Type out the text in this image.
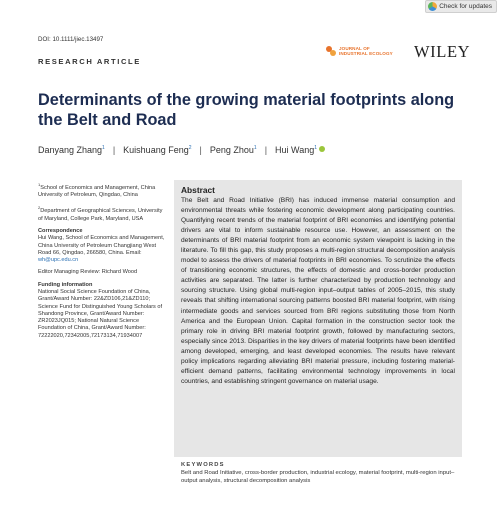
Check for updates
DOI: 10.1111/jiec.13497
JOURNAL OF
INDUSTRIAL ECOLOGY WILEY
RESEARCH ARTICLE
Determinants of the growing material footprints along the Belt and Road
Danyang Zhang$^1$ | Kuishuang Feng$^2$ | Peng Zhou$^1$ | Hui Wang$^1$

$^1$School of Economics and Management, China University of Petroleum, Qingdao, China

$^2$Department of Geographical Sciences, University of Maryland, College Park, Maryland, USA

Correspondence

Hui Wang, School of Economics and Management, China University of Petroleum Changjiang West Road 66, Qingdao, 266580, China. Email: wh@upc.edu.cn

Editor Managing Review: Richard Wood

Funding information

National Social Science Foundation of China, Grant/Award Number: 22&ZD106,21&ZD110; Science Fund for Distinguished Young Scholars of Shandong Province, Grant/Award Number: ZR2023JQ015; National Natural Science Foundation of China, Grant/Award Number: 72222020,72342005,72173134,71934007

Abstract
The Belt and Road Initiative (BRI) has induced immense material consumption and environmental threats while fostering economic development along participating countries. Quantifying recent trends of the material footprint of BRI economies and identifying potential drivers are vital to inform sustainable resource use. However, an assessment on the determinants of BRI material footprint from an economic system viewpoint is lacking in the literature. To fill this gap, this study proposes a multi-region structural decomposition analysis model to assess the drivers of material footprints in BRI economies. To scrutinize the effects of transitioning economic structures, the effects of domestic and cross-border production activities are separated. The latter is further characterized by production technology and sourcing structure. Using global multi-region input–output tables of 2005–2015, this study reveals that shifting international sourcing patterns boosted BRI material footprint, with rising intermediate goods and services sourced from BRI regions substituting those from North America and the European Union. Capital formation in the construction sector took the primary role in driving BRI material footprint growth, followed by manufacturing sectors, especially since 2013. Disparities in the key drivers of material footprints have been identified among developed, emerging, and least developed economies. The results have relevant policy implications regarding alleviating BRI material pressure, including fostering material-efficient demand patterns, facilitating environmental technology improvements in local countries, and establishing stringent governance on material usage.
KEYWORDS
Belt and Road Initiative, cross-border production, industrial ecology, material footprint, multi-region input–output analysis, structural decomposition analysis
